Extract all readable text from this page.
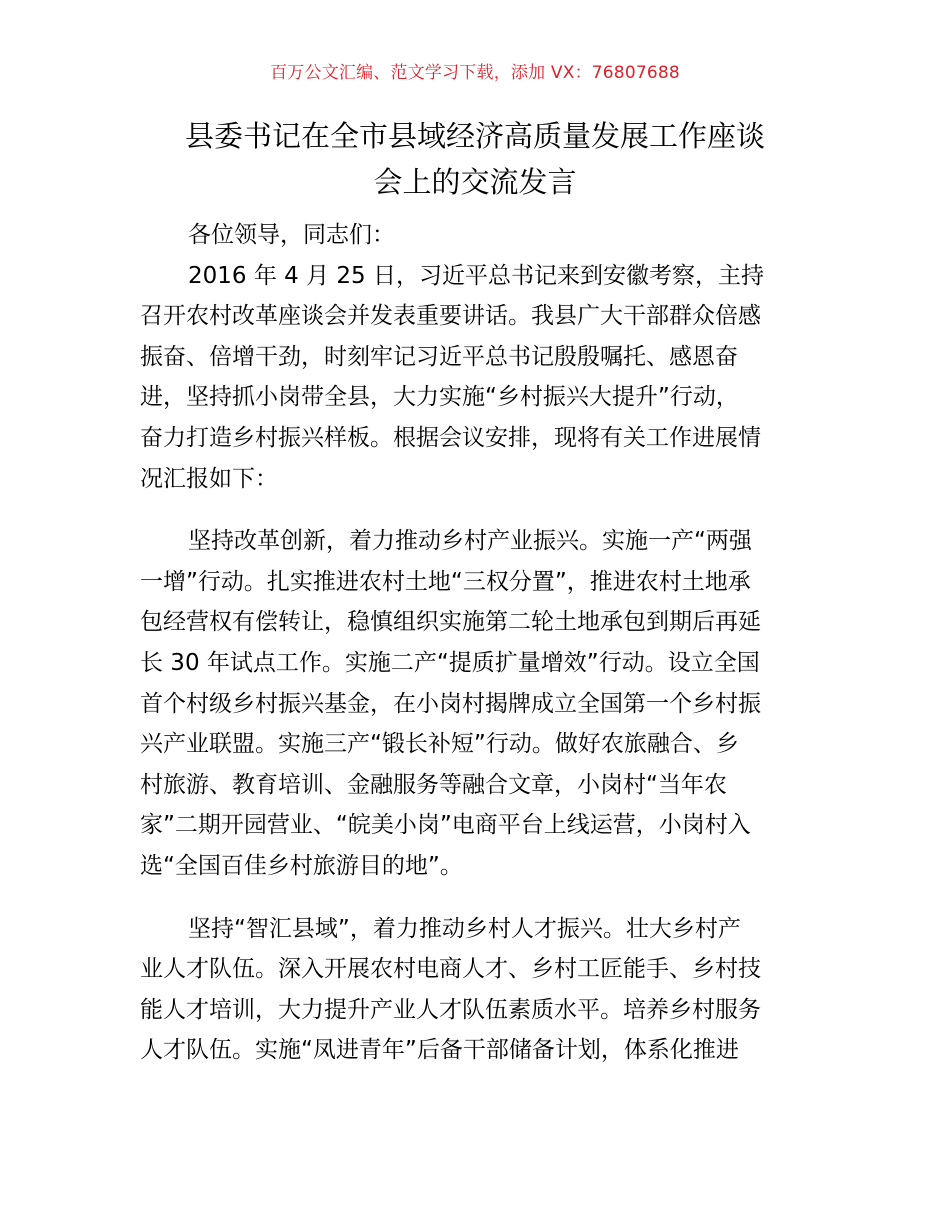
百万公文汇编、范文学习下载，添加 VX：76807688
县委书记在全市县域经济高质量发展工作座谈
会上的交流发言

各位领导，同志们：

2016 年 4 月 25 日，习近平总书记来到安徽考察，主持
召开农村改革座谈会并发表重要讲话。我县广大干部群众倍感
振奋、倍增干劲，时刻牢记习近平总书记殷殷嘱托、感恩奋
进，坚持抓小岗带全县，大力实施“乡村振兴大提升”行动，
奋力打造乡村振兴样板。根据会议安排，现将有关工作进展情
况汇报如下：

坚持改革创新，着力推动乡村产业振兴。实施一产“两强
一增”行动。扎实推进农村土地“三权分置”，推进农村土地承
包经营权有偿转让，稳慎组织实施第二轮土地承包到期后再延
长 30 年试点工作。实施二产“提质扩量增效”行动。设立全国
首个村级乡村振兴基金，在小岗村揭牌成立全国第一个乡村振
兴产业联盟。实施三产“锻长补短”行动。做好农旅融合、乡
村旅游、教育培训、金融服务等融合文章，小岗村“当年农
家”二期开园营业、“皖美小岗”电商平台上线运营，小岗村入
选“全国百佳乡村旅游目的地”。

坚持“智汇县域”，着力推动乡村人才振兴。壮大乡村产
业人才队伍。深入开展农村电商人才、乡村工匠能手、乡村技
能人才培训，大力提升产业人才队伍素质水平。培养乡村服务
人才队伍。实施“凤进青年”后备干部储备计划，体系化推进
